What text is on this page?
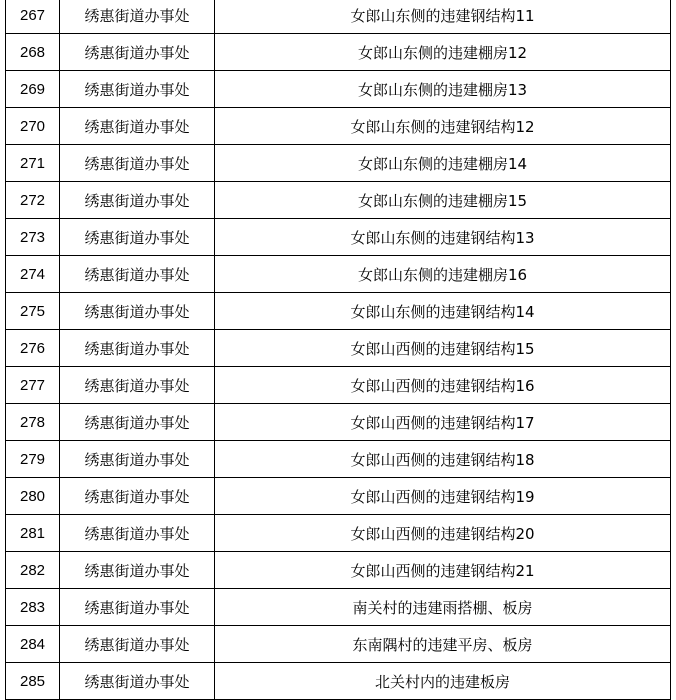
267	绣惠街道办事处	女郎山东侧的违建钢结构11
268	绣惠街道办事处	女郎山东侧的违建棚房12
269	绣惠街道办事处	女郎山东侧的违建棚房13
270	绣惠街道办事处	女郎山东侧的违建钢结构12
271	绣惠街道办事处	女郎山东侧的违建棚房14
272	绣惠街道办事处	女郎山东侧的违建棚房15
273	绣惠街道办事处	女郎山东侧的违建钢结构13
274	绣惠街道办事处	女郎山东侧的违建棚房16
275	绣惠街道办事处	女郎山东侧的违建钢结构14
276	绣惠街道办事处	女郎山西侧的违建钢结构15
277	绣惠街道办事处	女郎山西侧的违建钢结构16
278	绣惠街道办事处	女郎山西侧的违建钢结构17
279	绣惠街道办事处	女郎山西侧的违建钢结构18
280	绣惠街道办事处	女郎山西侧的违建钢结构19
281	绣惠街道办事处	女郎山西侧的违建钢结构20
282	绣惠街道办事处	女郎山西侧的违建钢结构21
283	绣惠街道办事处	南关村的违建雨搭棚、板房
284	绣惠街道办事处	东南隅村的违建平房、板房
285	绣惠街道办事处	北关村内的违建板房
